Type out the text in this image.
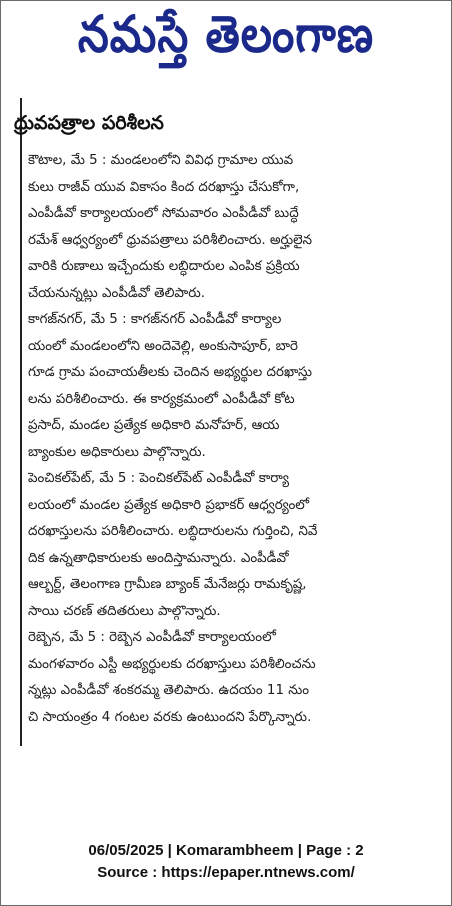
నమస్తే తెలంగాణ
ధ్రువపత్రాల పరిశీలన
కౌటాల, మే 5 : మండలంలోని వివిధ గ్రామాల యువ
కులు రాజీవ్ యువ వికాసం కింద దరఖాస్తు చేసుకోగా,
ఎంపీడీవో కార్యాలయంలో సోమవారం ఎంపీడీవో బుద్ధే
రమేశ్ ఆధ్వర్యంలో ధ్రువపత్రాలు పరిశీలించారు. అర్హులైన
వారికి రుణాలు ఇచ్చేందుకు లబ్ధిదారుల ఎంపిక ప్రక్రియ
చేయనున్నట్లు ఎంపీడీవో తెలిపారు.
కాగజ్‌నగర్, మే 5 : కాగజ్‌నగర్ ఎంపీడీవో కార్యాల
యంలో మండలంలోని అందెవెల్లి, అంకుసాపూర్, బారె
గూడ గ్రామ పంచాయతీలకు చెందిన అభ్యర్థుల దరఖాస్తు
లను పరిశీలించారు. ఈ కార్యక్రమంలో ఎంపీడీవో కోట
ప్రసాద్, మండల ప్రత్యేక అధికారి మనోహర్, ఆయ
బ్యాంకుల అధికారులు పాల్గొన్నారు.
పెంచికల్‌పేట్, మే 5 : పెంచికల్‌పేట్ ఎంపీడీవో కార్యా
లయంలో మండల ప్రత్యేక అధికారి ప్రభాకర్ ఆధ్వర్యంలో
దరఖాస్తులను పరిశీలించారు. లబ్ధిదారులను గుర్తించి, నివే
దిక ఉన్నతాధికారులకు అందిస్తామన్నారు. ఎంపీడీవో
ఆల్బర్ట్, తెలంగాణ గ్రామీణ బ్యాంక్ మేనేజర్లు రామకృష్ణ,
సాయి చరణ్ తదితరులు పాల్గొన్నారు.
రెబ్బెన, మే 5 : రెబ్బెన ఎంపీడీవో కార్యాలయంలో
మంగళవారం ఎస్టీ అభ్యర్థులకు దరఖాస్తులు పరిశీలించను
న్నట్లు ఎంపీడీవో శంకరమ్మ తెలిపారు. ఉదయం 11 నుం
చి సాయంత్రం 4 గంటల వరకు ఉంటుందని పేర్కొన్నారు.
06/05/2025 | Komarambheem | Page : 2
Source : https://epaper.ntnews.com/
